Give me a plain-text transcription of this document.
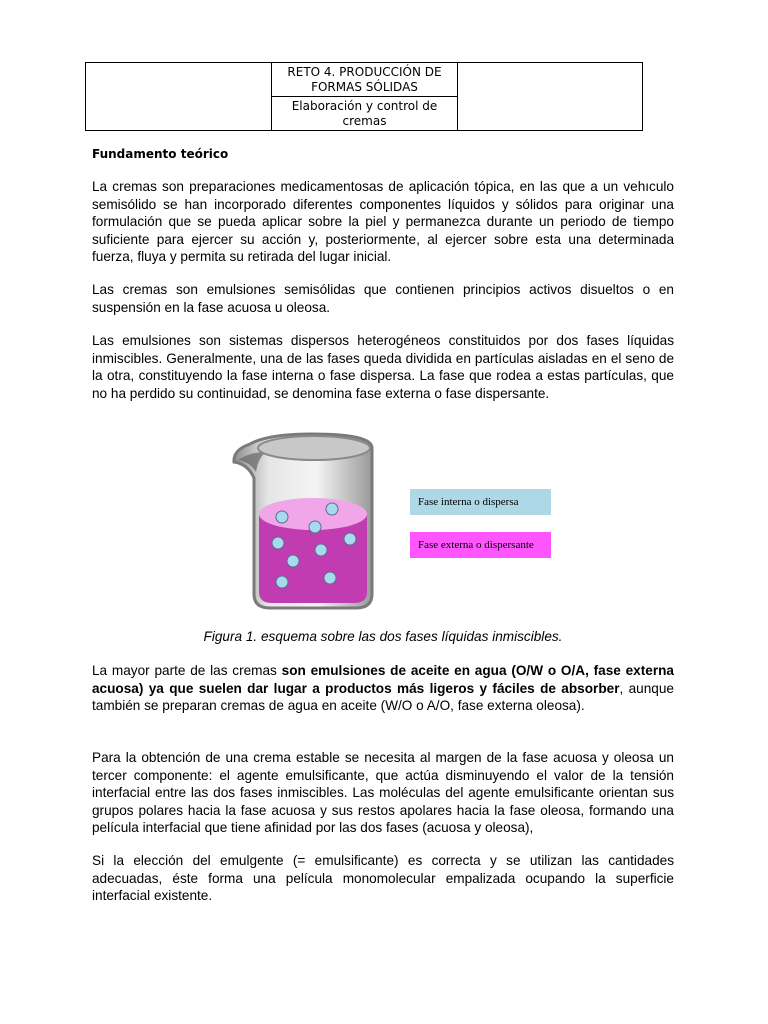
RETO 4. PRODUCCIÓN DE
FORMAS SÓLIDAS

Elaboración y control de
cremas
Fundamento teórico

La cremas son preparaciones medicamentosas de aplicación tópica, en las que a un vehıculo semisólido se han incorporado diferentes componentes líquidos y sólidos para originar una formulación que se pueda aplicar sobre la piel y permanezca durante un periodo de tiempo suficiente para ejercer su acción y, posteriormente, al ejercer sobre esta una determinada fuerza, fluya y permita su retirada del lugar inicial.

Las cremas son emulsiones semisólidas que contienen principios activos disueltos o en suspensión en la fase acuosa u oleosa.

Las emulsiones son sistemas dispersos heterogéneos constituidos por dos fases líquidas inmiscibles. Generalmente, una de las fases queda dividida en partículas aisladas en el seno de la otra, constituyendo la fase interna o fase dispersa. La fase que rodea a estas partículas, que no ha perdido su continuidad, se denomina fase externa o fase dispersante.

Fase interna o dispersa
Fase externa o dispersante
Figura 1. esquema sobre las dos fases líquidas inmiscibles.

La mayor parte de las cremas son emulsiones de aceite en agua (O/W o O/A, fase externa acuosa) ya que suelen dar lugar a productos más ligeros y fáciles de absorber, aunque también se preparan cremas de agua en aceite (W/O o A/O, fase externa oleosa).

Para la obtención de una crema estable se necesita al margen de la fase acuosa y oleosa un tercer componente: el agente emulsificante, que actúa disminuyendo el valor de la tensión interfacial entre las dos fases inmiscibles. Las moléculas del agente emulsificante orientan sus grupos polares hacia la fase acuosa y sus restos apolares hacia la fase oleosa, formando una película interfacial que tiene afinidad por las dos fases (acuosa y oleosa),

Si la elección del emulgente (= emulsificante) es correcta y se utilizan las cantidades adecuadas, éste forma una película monomolecular empalizada ocupando la superficie interfacial existente.
